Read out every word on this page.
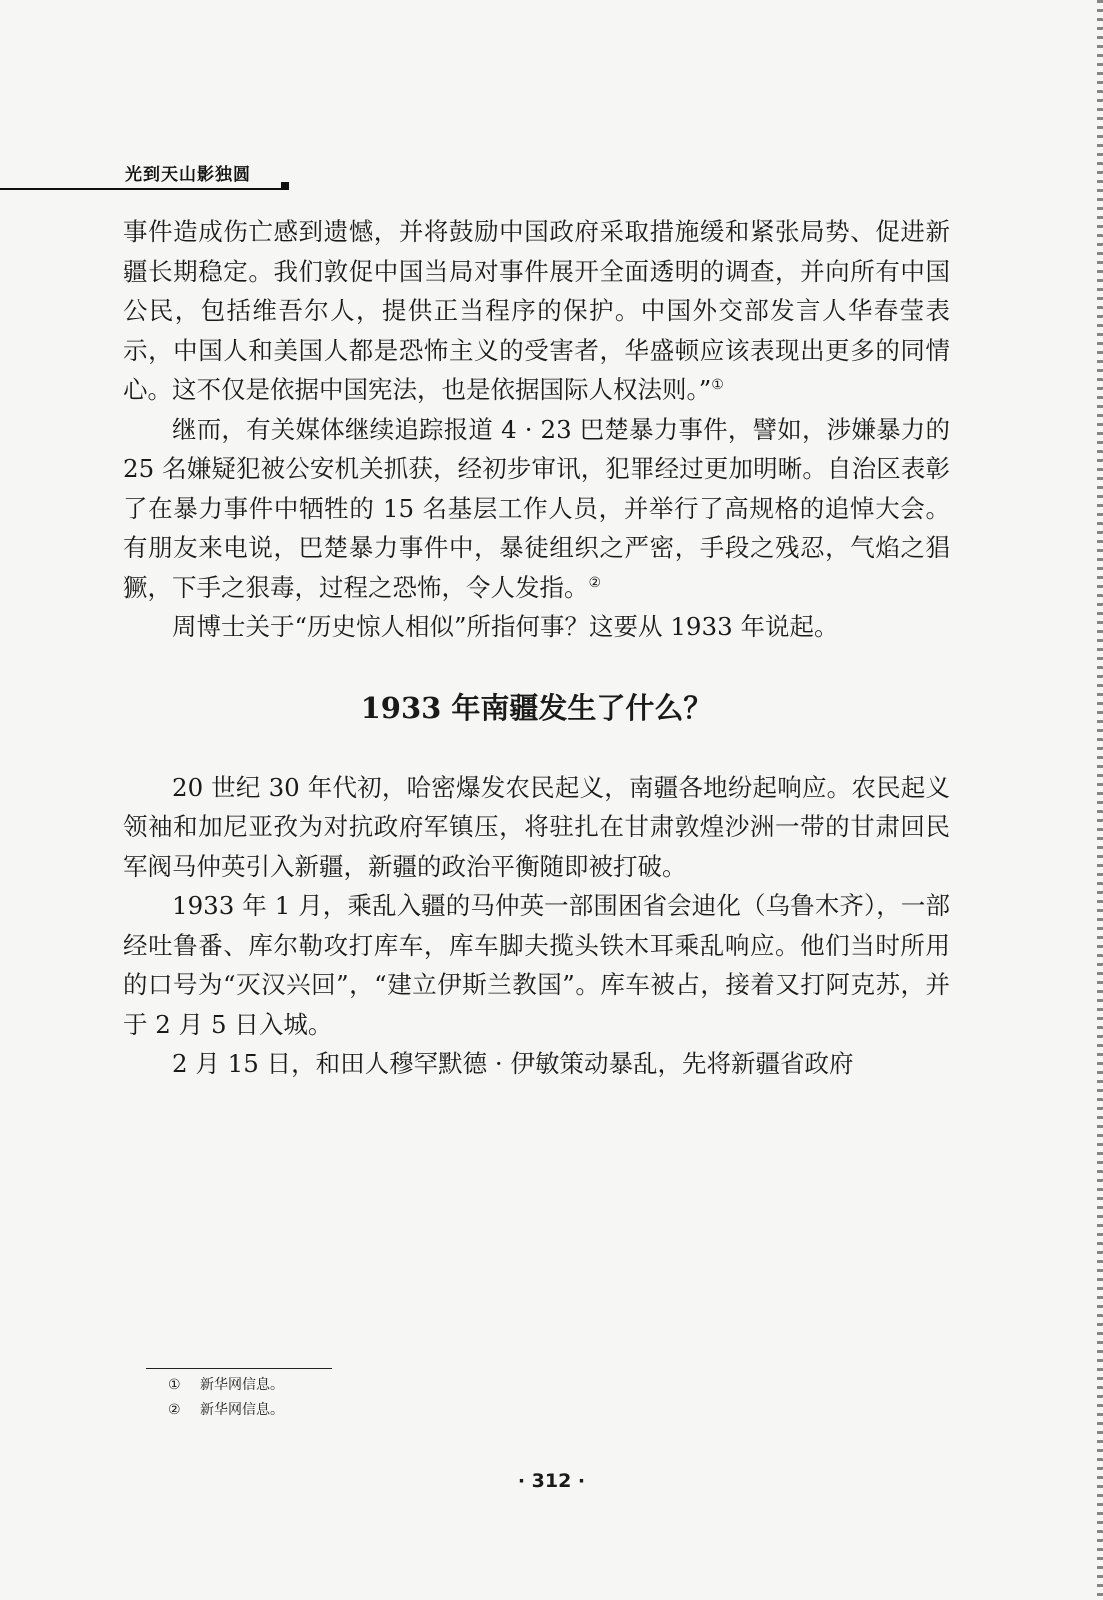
光到天山影独圆

事件造成伤亡感到遗憾，并将鼓励中国政府采取措施缓和紧张局势、促进新疆长期稳定。我们敦促中国当局对事件展开全面透明的调查，并向所有中国公民，包括维吾尔人，提供正当程序的保护。中国外交部发言人华春莹表示，中国人和美国人都是恐怖主义的受害者，华盛顿应该表现出更多的同情心。这不仅是依据中国宪法，也是依据国际人权法则。”①

继而，有关媒体继续追踪报道 4 · 23 巴楚暴力事件，譬如，涉嫌暴力的 25 名嫌疑犯被公安机关抓获，经初步审讯，犯罪经过更加明晰。自治区表彰了在暴力事件中牺牲的 15 名基层工作人员，并举行了高规格的追悼大会。有朋友来电说，巴楚暴力事件中，暴徒组织之严密，手段之残忍，气焰之猖獗，下手之狠毒，过程之恐怖，令人发指。②

周博士关于“历史惊人相似”所指何事？这要从 1933 年说起。

1933 年南疆发生了什么？

20 世纪 30 年代初，哈密爆发农民起义，南疆各地纷起响应。农民起义领袖和加尼亚孜为对抗政府军镇压，将驻扎在甘肃敦煌沙洲一带的甘肃回民军阀马仲英引入新疆，新疆的政治平衡随即被打破。

1933 年 1 月，乘乱入疆的马仲英一部围困省会迪化（乌鲁木齐），一部经吐鲁番、库尔勒攻打库车，库车脚夫揽头铁木耳乘乱响应。他们当时所用的口号为“灭汉兴回”，“建立伊斯兰教国”。库车被占，接着又打阿克苏，并于 2 月 5 日入城。

2 月 15 日，和田人穆罕默德 · 伊敏策动暴乱，先将新疆省政府

① 新华网信息。
② 新华网信息。
· 312 ·
